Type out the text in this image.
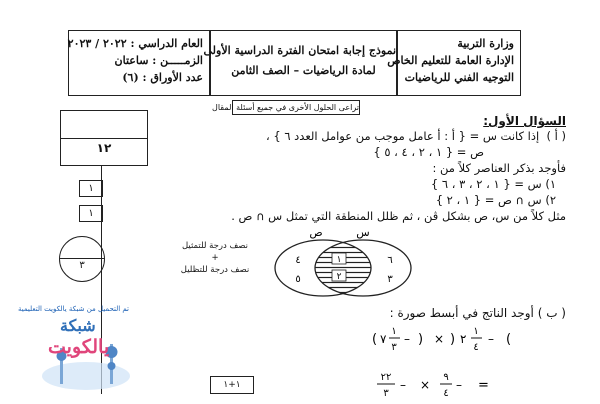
وزارة التربية
الإدارة العامة للتعليم الخاص
التوجيه الفني للرياضيات
نموذج إجابة امتحان الفترة الدراسية الأولى
لمادة الرياضيات – الصف الثامن
العام الدراسي : ٢٠٢٢ / ٢٠٢٣
الزمـــــن : ساعتان
عدد الأوراق : (٦)
تراعى الحلول الأخرى في جميع أسئلة المقال
١٢
١
١
٣
١+١
تم التحميل من شبكة يالكويت التعليمية
شبكة
يالكويت
السؤال الأول:
( أ )  إذا كانت س = { أ : أ عامل موجب من عوامل العدد ٦ } ،
ص = { ١ ، ٢ ، ٤ ، ٥ }
فأوجد بذكر العناصر كلاً من :
١) س = { ١ ، ٢ ، ٣ ، ٦ }
٢) س ∩ ص = { ١ ، ٢ }
مثل كلاً من س، ص بشكل ڤن ، ثم ظلل المنطقة التي تمثل س ∩ ص .
نصف درجة للتمثيل
+
نصف درجة للتظليل
١
٢
٦
٣
٤
٥
س
ص
( ب ) أوجد الناتج في أبسط صورة :
( ٧
١
٣
– ) × ) ٢
١
٤
– (
٢٢
٣
– ×
٩
٤
– =
